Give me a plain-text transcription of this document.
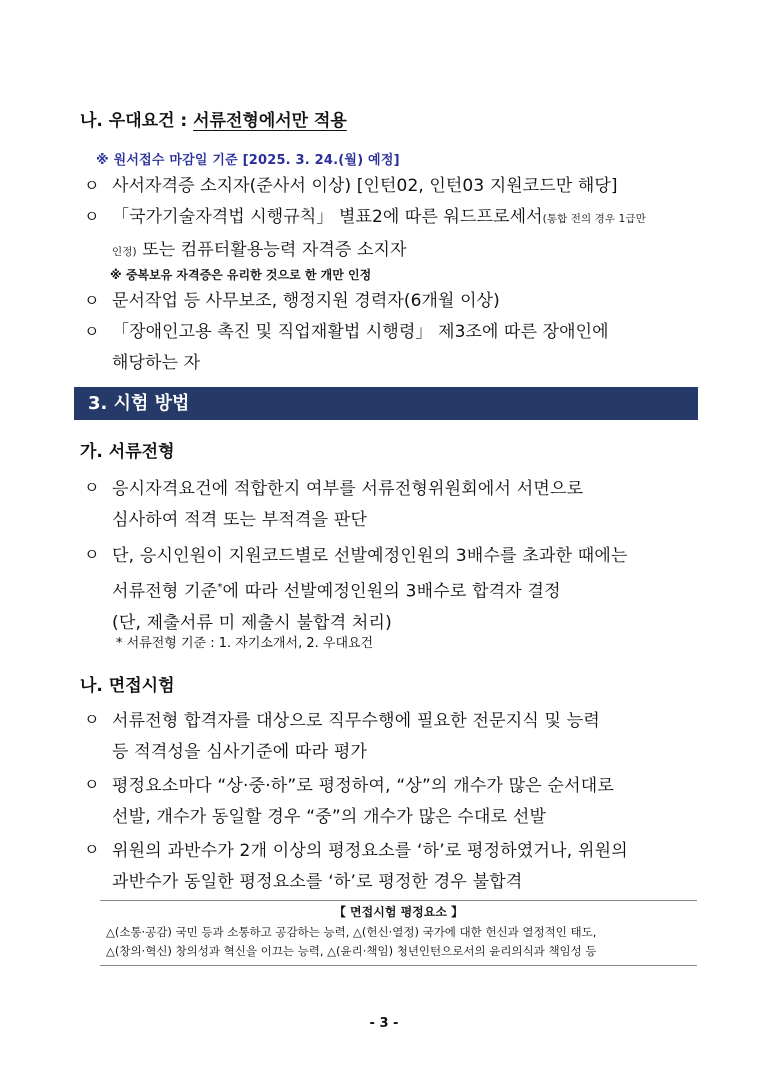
나. 우대요건 : 서류전형에서만 적용
※ 원서접수 마감일 기준 [2025. 3. 24.(월) 예정]
ㅇ 사서자격증 소지자(준사서 이상) [인턴02, 인턴03 지원코드만 해당]
ㅇ 「국가기술자격법 시행규칙」 별표2에 따른 워드프로세서(통합 전의 경우 1급만
인정) 또는 컴퓨터활용능력 자격증 소지자
※ 중복보유 자격증은 유리한 것으로 한 개만 인정
ㅇ 문서작업 등 사무보조, 행정지원 경력자(6개월 이상)
ㅇ 「장애인고용 촉진 및 직업재활법 시행령」 제3조에 따른 장애인에
해당하는 자
3. 시험 방법
가. 서류전형
ㅇ 응시자격요건에 적합한지 여부를 서류전형위원회에서 서면으로
심사하여 적격 또는 부적격을 판단
ㅇ 단, 응시인원이 지원코드별로 선발예정인원의 3배수를 초과한 때에는
서류전형 기준*에 따라 선발예정인원의 3배수로 합격자 결정
(단, 제출서류 미 제출시 불합격 처리)
* 서류전형 기준 : 1. 자기소개서, 2. 우대요건
나. 면접시험
ㅇ 서류전형 합격자를 대상으로 직무수행에 필요한 전문지식 및 능력
등 적격성을 심사기준에 따라 평가
ㅇ 평정요소마다 “상·중·하”로 평정하여, “상”의 개수가 많은 순서대로
선발, 개수가 동일할 경우 “중”의 개수가 많은 수대로 선발
ㅇ 위원의 과반수가 2개 이상의 평정요소를 ‘하’로 평정하였거나, 위원의
과반수가 동일한 평정요소를 ‘하’로 평정한 경우 불합격
【 면접시험 평정요소 】
△(소통·공감) 국민 등과 소통하고 공감하는 능력, △(헌신·열정) 국가에 대한 헌신과 열정적인 태도,
△(창의·혁신) 창의성과 혁신을 이끄는 능력, △(윤리·책임) 청년인턴으로서의 윤리의식과 책임성 등
- 3 -
